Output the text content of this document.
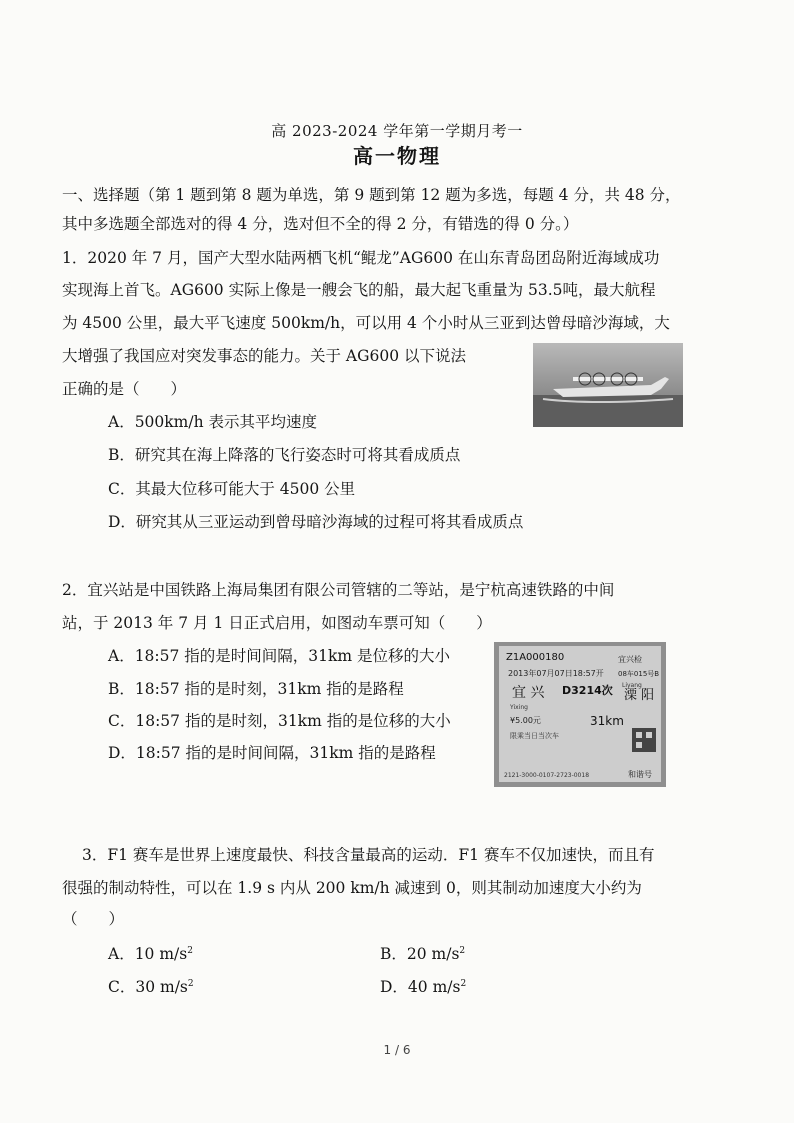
高 2023-2024 学年第一学期月考一
高一物理
一、选择题（第 1 题到第 8 题为单选，第 9 题到第 12 题为多选，每题 4 分，共 48 分，
其中多选题全部选对的得 4 分，选对但不全的得 2 分，有错选的得 0 分。）
1．2020 年 7 月，国产大型水陆两栖飞机“鲲龙”AG600 在山东青岛团岛附近海域成功
实现海上首飞。AG600 实际上像是一艘会飞的船，最大起飞重量为 53.5吨，最大航程
为 4500 公里，最大平飞速度 500km/h，可以用 4 个小时从三亚到达曾母暗沙海域，大
大增强了我国应对突发事态的能力。关于 AG600 以下说法
正确的是（　　）
A．500km/h 表示其平均速度
B．研究其在海上降落的飞行姿态时可将其看成质点
C．其最大位移可能大于 4500 公里
D．研究其从三亚运动到曾母暗沙海域的过程可将其看成质点
2．宜兴站是中国铁路上海局集团有限公司管辖的二等站，是宁杭高速铁路的中间
站，于 2013 年 7 月 1 日正式启用，如图动车票可知（　　）
A．18:57 指的是时间间隔，31km 是位移的大小
B．18:57 指的是时刻，31km 指的是路程
C．18:57 指的是时刻，31km 指的是位移的大小
D．18:57 指的是时间间隔，31km 指的是路程
Z1A000180	宜兴检
2013年07月07日18:57开 08车015号B
宜 兴 D3214次 溧 阳
Yixing
Liyang
¥5.00元	31km
限乘当日当次车
2121-3000-0107-2723-0018	和谐号
3．F1 赛车是世界上速度最快、科技含量最高的运动．F1 赛车不仅加速快，而且有
很强的制动特性，可以在 1.9 s 内从 200 km/h 减速到 0，则其制动加速度大小约为
（　　）
A．10 $m/s^2$	B．20 $m/s^2$
C．30 $m/s^2$	D．40 $m/s^2$
1 / 6
